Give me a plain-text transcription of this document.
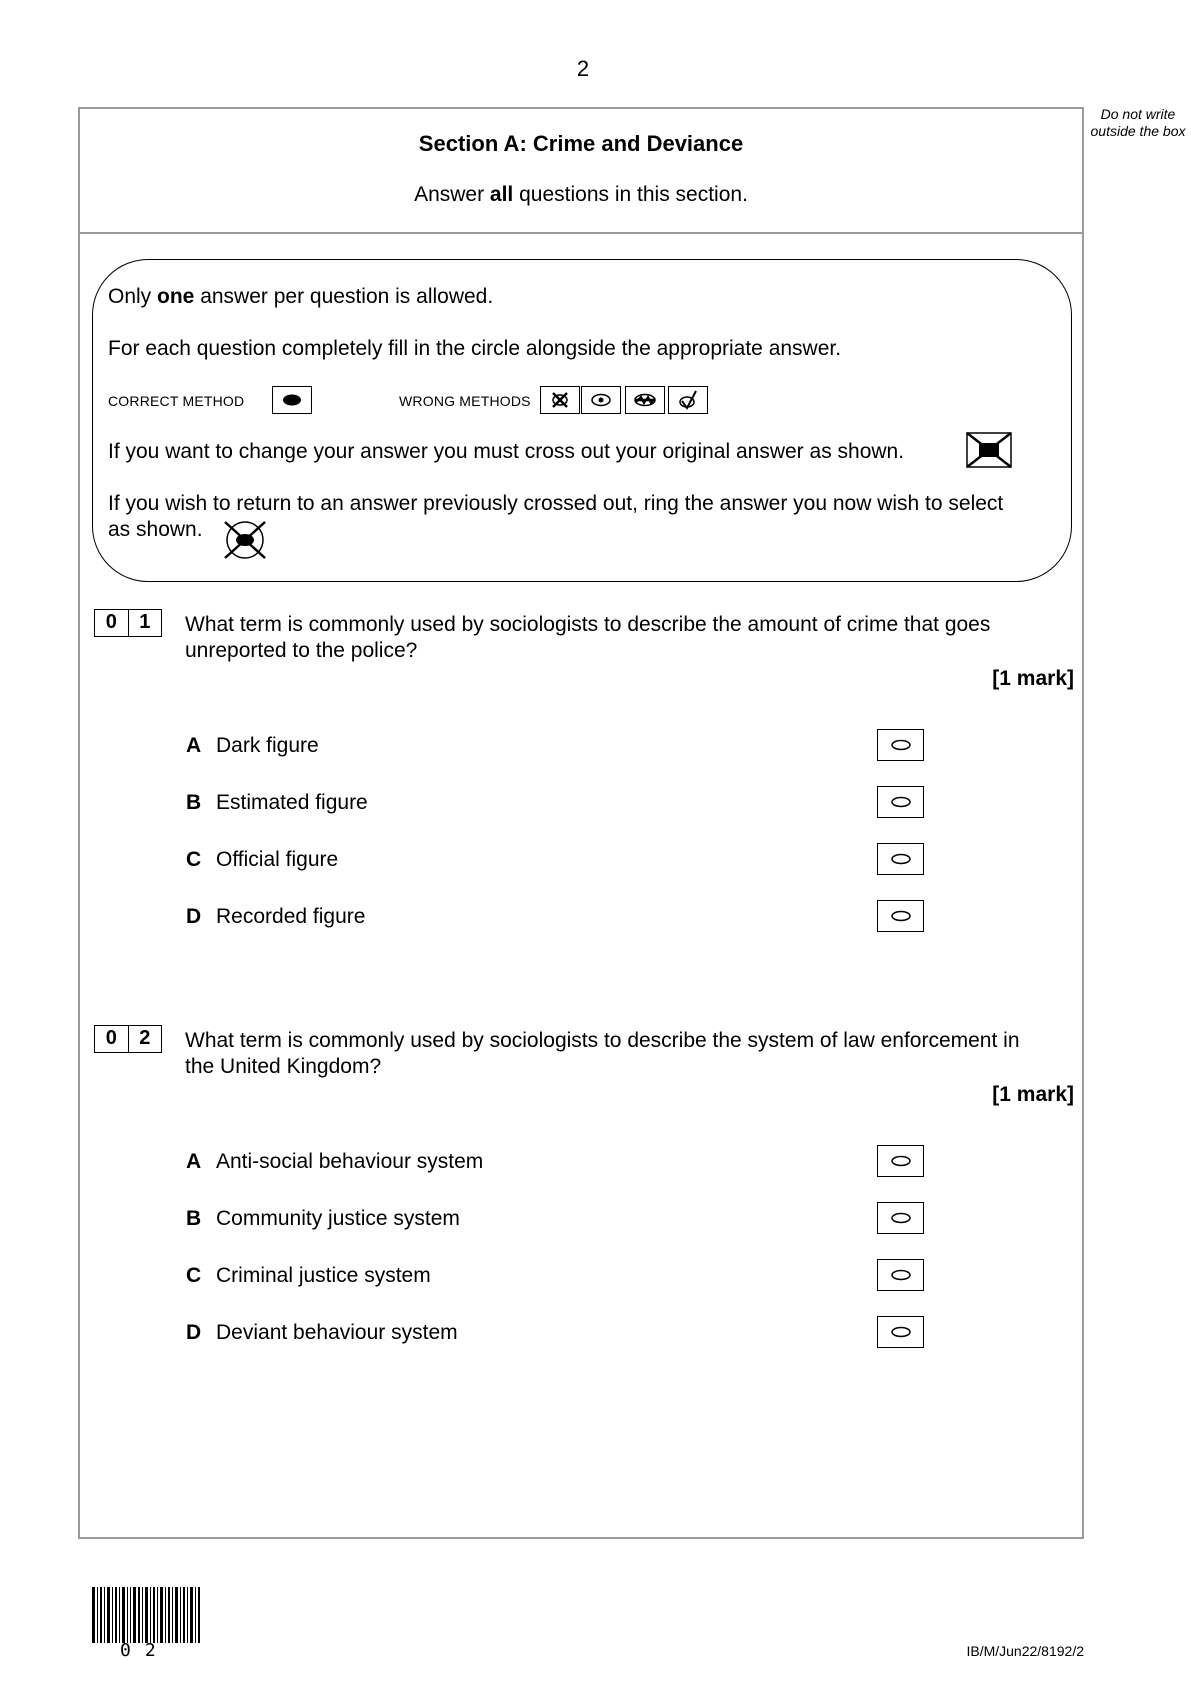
2
Do not write outside the box
Section A: Crime and Deviance
Answer all questions in this section.
Only one answer per question is allowed.
For each question completely fill in the circle alongside the appropriate answer.
CORRECT METHOD	WRONG METHODS
If you want to change your answer you must cross out your original answer as shown.
If you wish to return to an answer previously crossed out, ring the answer you now wish to select
as shown.
0	1	What term is commonly used by sociologists to describe the amount of crime that goes
unreported to the police?
[1 mark]
A Dark figure
B Estimated figure
C Official figure
D Recorded figure
0	2	What term is commonly used by sociologists to describe the system of law enforcement in
the United Kingdom?
[1 mark]
A Anti-social behaviour system
B Community justice system
C Criminal justice system
D Deviant behaviour system
02	IB/M/Jun22/8192/2
